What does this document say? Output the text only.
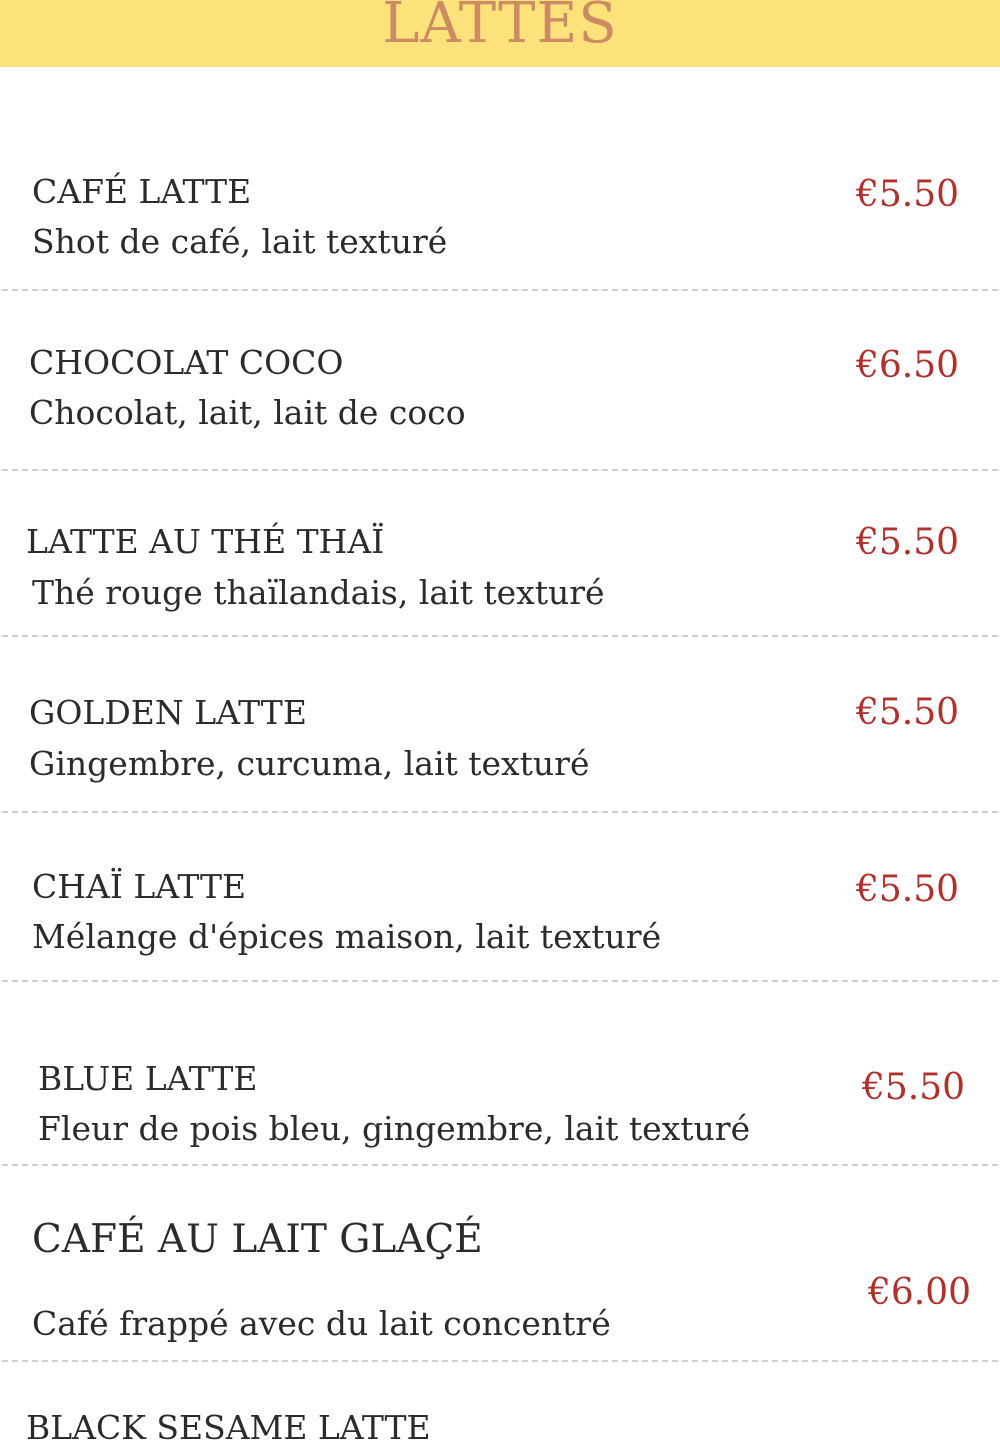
LATTES
CAFÉ LATTE
Shot de café, lait texturé
€5.50
CHOCOLAT COCO
Chocolat, lait, lait de coco
€6.50
LATTE AU THÉ THAÏ
Thé rouge thaïlandais, lait texturé
€5.50
GOLDEN LATTE
Gingembre, curcuma, lait texturé
€5.50
CHAÏ LATTE
Mélange d'épices maison, lait texturé
€5.50
BLUE LATTE
Fleur de pois bleu, gingembre, lait texturé
€5.50
CAFÉ AU LAIT GLAÇÉ
Café frappé avec du lait concentré
€6.00
BLACK SESAME LATTE
